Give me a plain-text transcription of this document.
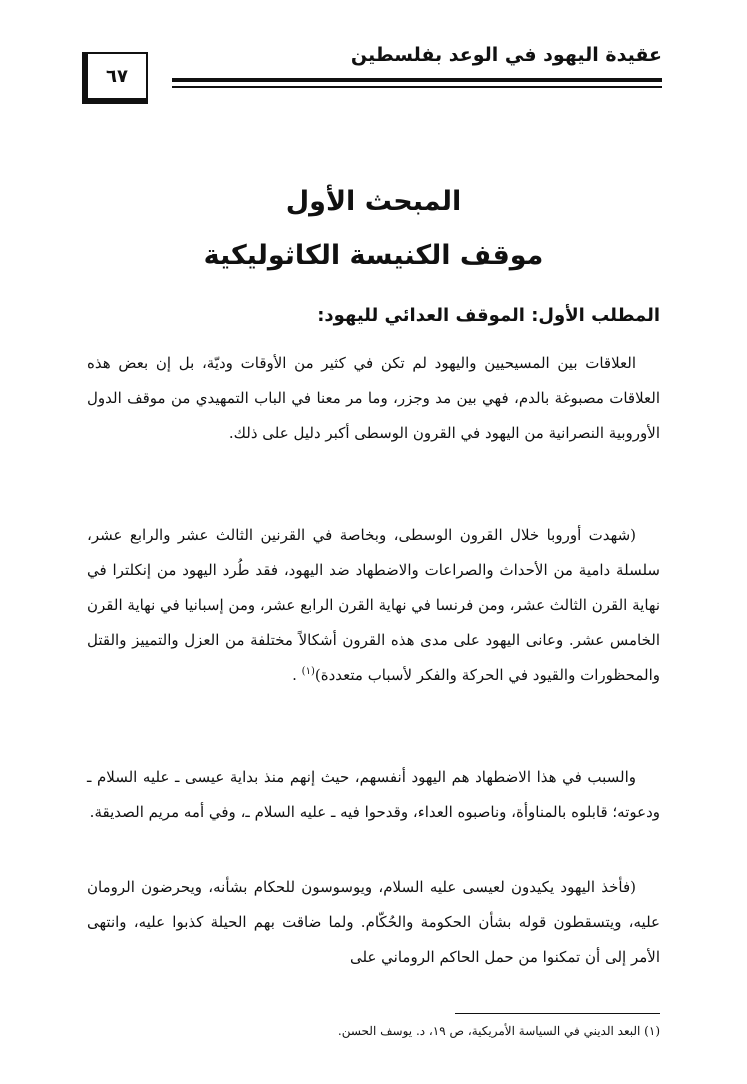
عقيدة اليهود في الوعد بفلسطين
٦٧
المبحث الأول
موقف الكنيسة الكاثوليكية
المطلب الأول: الموقف العدائي لليهود:

العلاقات بين المسيحيين واليهود لم تكن في كثير من الأوقات وديّة، بل إن بعض هذه العلاقات مصبوغة بالدم، فهي بين مد وجزر، وما مر معنا في الباب التمهيدي من موقف الدول الأوروبية النصرانية من اليهود في القرون الوسطى أكبر دليل على ذلك.

(شهدت أوروبا خلال القرون الوسطى، وبخاصة في القرنين الثالث عشر والرابع عشر، سلسلة دامية من الأحداث والصراعات والاضطهاد ضد اليهود، فقد طُرد اليهود من إنكلترا في نهاية القرن الثالث عشر، ومن فرنسا في نهاية القرن الرابع عشر، ومن إسبانيا في نهاية القرن الخامس عشر. وعانى اليهود على مدى هذه القرون أشكالاً مختلفة من العزل والتمييز والقتل والمحظورات والقيود في الحركة والفكر لأسباب متعددة)$^{(١)}$ .

والسبب في هذا الاضطهاد هم اليهود أنفسهم، حيث إنهم منذ بداية عيسى ـ عليه السلام ـ ودعوته؛ قابلوه بالمناوأة، وناصبوه العداء، وقدحوا فيه ـ عليه السلام ـ، وفي أمه مريم الصديقة.

(فأخذ اليهود يكيدون لعيسى عليه السلام، ويوسوسون للحكام بشأنه، ويحرضون الرومان عليه، ويتسقطون قوله بشأن الحكومة والحُكّام. ولما ضاقت بهم الحيلة كذبوا عليه، وانتهى الأمر إلى أن تمكنوا من حمل الحاكم الروماني على

(١) البعد الديني في السياسة الأمريكية، ص ١٩، د. يوسف الحسن.
